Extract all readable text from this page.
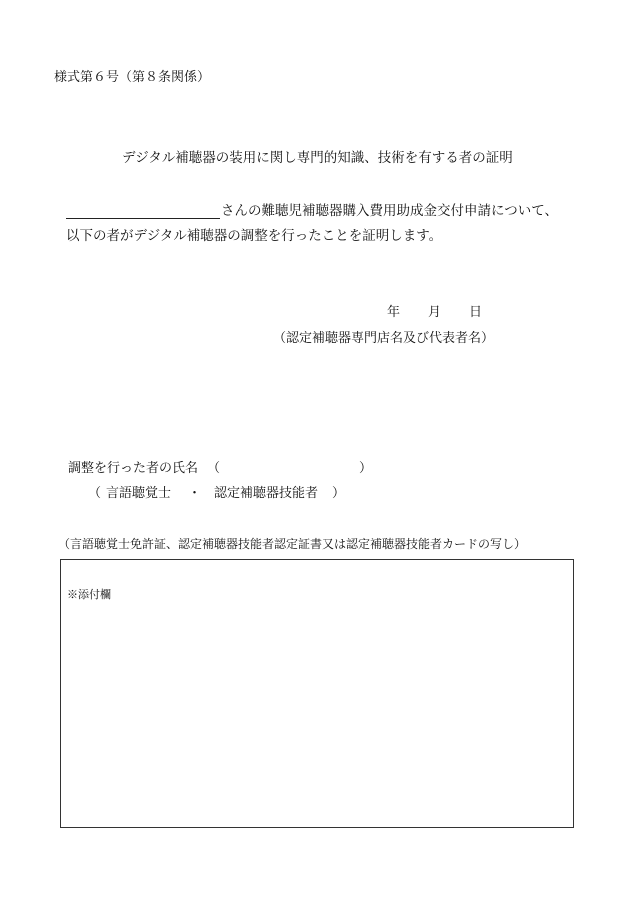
様式第６号（第８条関係）
デジタル補聴器の装用に関し専門的知識、技術を有する者の証明
さんの難聴児補聴器購入費用助成金交付申請について、
以下の者がデジタル補聴器の調整を行ったことを証明します。
年 月 日
（認定補聴器専門店名及び代表者名）
調整を行った者の氏名 （	）
（ 言語聴覚士 ・ 認定補聴器技能者 ）
（言語聴覚士免許証、認定補聴器技能者認定証書又は認定補聴器技能者カードの写し）
※添付欄
